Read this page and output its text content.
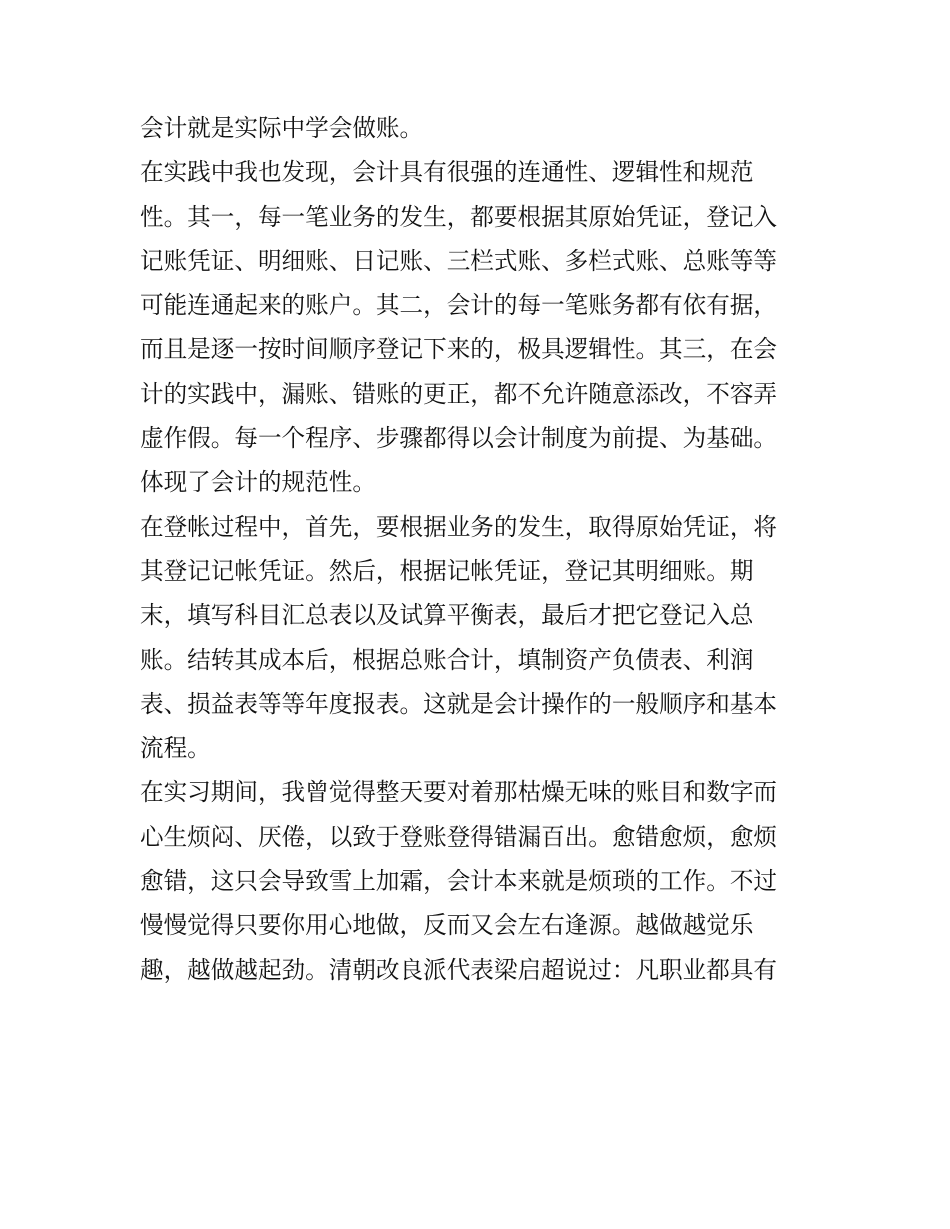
会计就是实际中学会做账。

在实践中我也发现，会计具有很强的连通性、逻辑性和规范

性。其一，每一笔业务的发生，都要根据其原始凭证，登记入

记账凭证、明细账、日记账、三栏式账、多栏式账、总账等等

可能连通起来的账户。其二，会计的每一笔账务都有依有据，

而且是逐一按时间顺序登记下来的，极具逻辑性。其三，在会

计的实践中，漏账、错账的更正，都不允许随意添改，不容弄

虚作假。每一个程序、步骤都得以会计制度为前提、为基础。

体现了会计的规范性。

在登帐过程中，首先，要根据业务的发生，取得原始凭证，将

其登记记帐凭证。然后，根据记帐凭证，登记其明细账。期

末，填写科目汇总表以及试算平衡表，最后才把它登记入总

账。结转其成本后，根据总账合计，填制资产负债表、利润

表、损益表等等年度报表。这就是会计操作的一般顺序和基本

流程。

在实习期间，我曾觉得整天要对着那枯燥无味的账目和数字而

心生烦闷、厌倦，以致于登账登得错漏百出。愈错愈烦，愈烦

愈错，这只会导致雪上加霜，会计本来就是烦琐的工作。不过

慢慢觉得只要你用心地做，反而又会左右逢源。越做越觉乐

趣，越做越起劲。清朝改良派代表梁启超说过：凡职业都具有
